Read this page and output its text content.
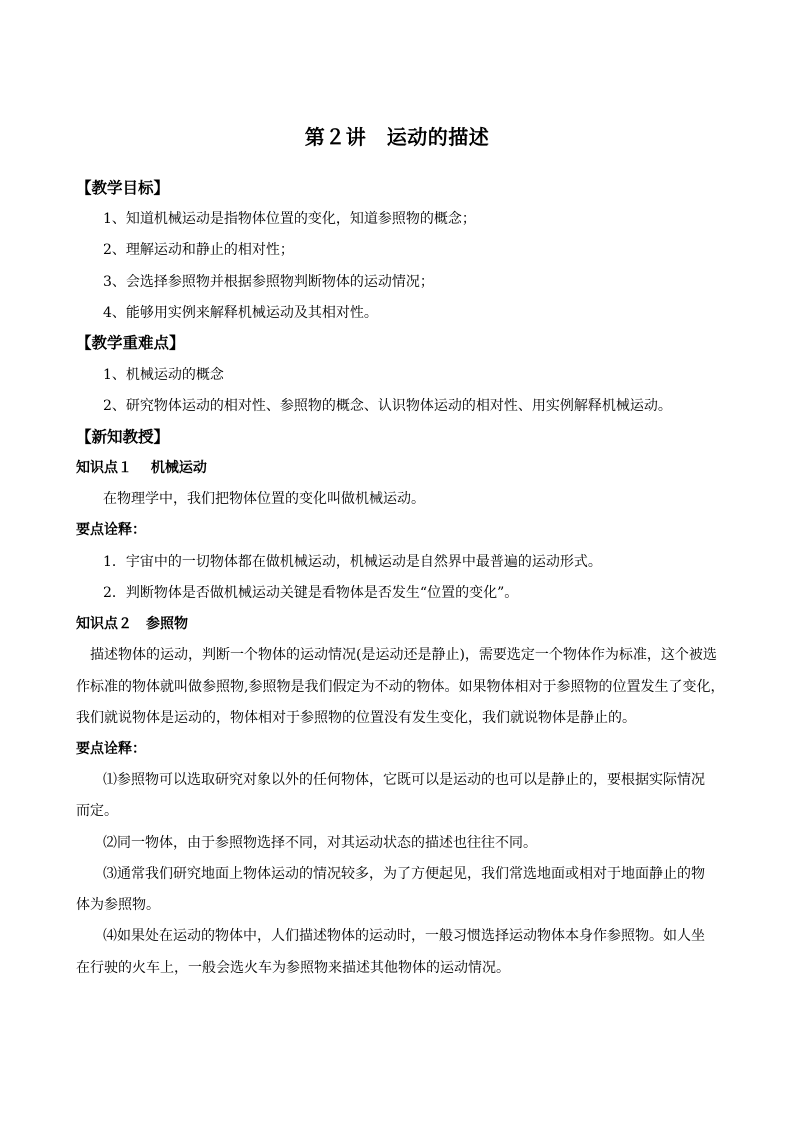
第２讲　运动的描述
【教学目标】
1、知道机械运动是指物体位置的变化，知道参照物的概念；
2、理解运动和静止的相对性；
3、会选择参照物并根据参照物判断物体的运动情况；
4、能够用实例来解释机械运动及其相对性。
【教学重难点】
1、机械运动的概念
2、研究物体运动的相对性、参照物的概念、认识物体运动的相对性、用实例解释机械运动。
【新知教授】
知识点１　 机械运动
在物理学中，我们把物体位置的变化叫做机械运动。
要点诠释：
1．宇宙中的一切物体都在做机械运动，机械运动是自然界中最普遍的运动形式。
2．判断物体是否做机械运动关键是看物体是否发生“位置的变化”。
知识点２　参照物
描述物体的运动，判断一个物体的运动情况(是运动还是静止)，需要选定一个物体作为标准，这个被选
作标准的物体就叫做参照物,参照物是我们假定为不动的物体。如果物体相对于参照物的位置发生了变化，
我们就说物体是运动的，物体相对于参照物的位置没有发生变化，我们就说物体是静止的。
要点诠释：
⑴参照物可以选取研究对象以外的任何物体，它既可以是运动的也可以是静止的，要根据实际情况
而定。
⑵同一物体，由于参照物选择不同，对其运动状态的描述也往往不同。
⑶通常我们研究地面上物体运动的情况较多，为了方便起见，我们常选地面或相对于地面静止的物
体为参照物。
⑷如果处在运动的物体中，人们描述物体的运动时，一般习惯选择运动物体本身作参照物。如人坐
在行驶的火车上，一般会选火车为参照物来描述其他物体的运动情况。
